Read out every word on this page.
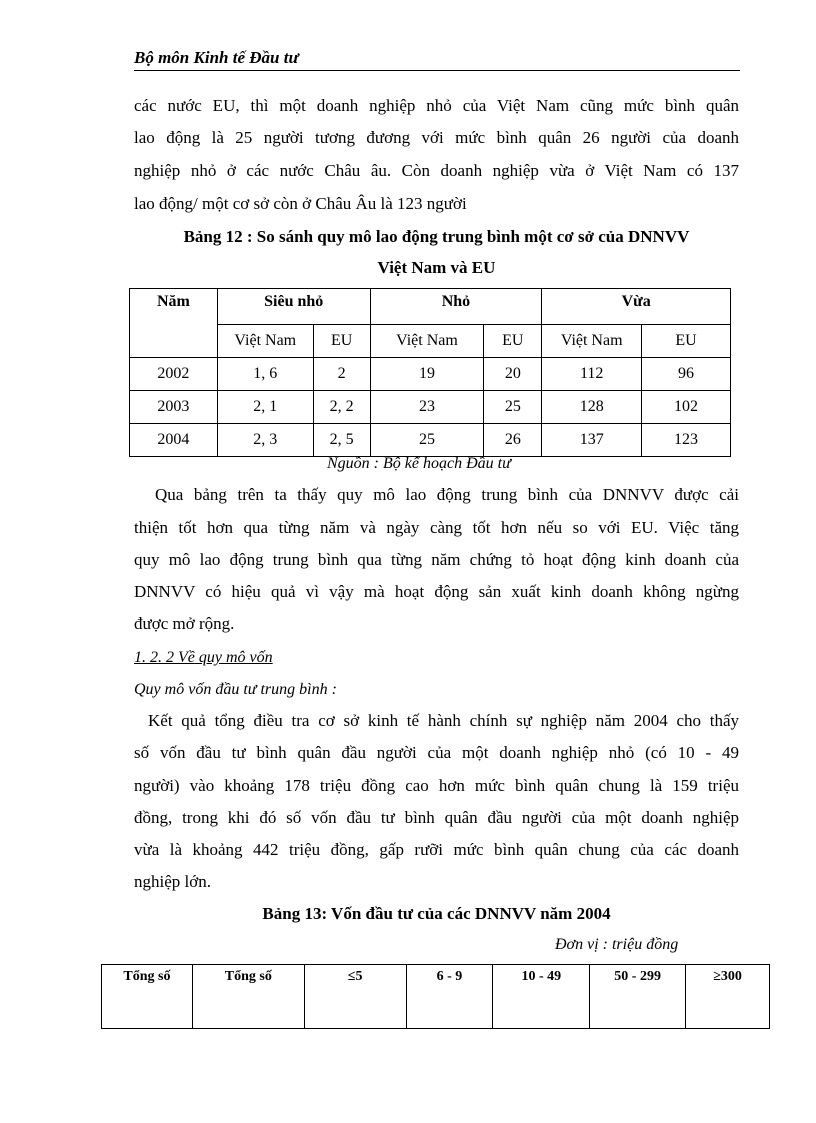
Bộ môn Kinh tế Đầu tư
các nước EU, thì một doanh nghiệp nhỏ của Việt Nam cũng mức bình quân
lao động là 25 người tương đương với mức bình quân 26 người của doanh
nghiệp nhỏ ở các nước Châu âu. Còn doanh nghiệp vừa ở Việt Nam có 137
lao động/ một cơ sở còn ở Châu Âu là 123 người
Bảng 12 : So sánh quy mô lao động trung bình một cơ sở của DNNVV
Việt Nam và EU
Năm	Siêu nhỏ		Nhỏ		Vừa	
	Việt Nam	EU	Việt Nam	EU	Việt Nam	EU
2002	1, 6	2	19	20	112	96
2003	2, 1	2, 2	23	25	128	102
2004	2, 3	2, 5	25	26	137	123
Nguồn : Bộ kế hoạch Đầu tư
Qua bảng trên ta thấy quy mô lao động trung bình của DNNVV được cải
thiện tốt hơn qua từng năm và ngày càng tốt hơn nếu so với EU. Việc tăng
quy mô lao động trung bình qua từng năm chứng tỏ hoạt động kinh doanh của
DNNVV có hiệu quả vì vậy mà hoạt động sản xuất kinh doanh không ngừng
được mở rộng.
1. 2. 2 Về quy mô vốn
Quy mô vốn đầu tư trung bình :
Kết quả tổng điều tra cơ sở kinh tế hành chính sự nghiệp năm 2004 cho thấy
số vốn đầu tư bình quân đầu người của một doanh nghiệp nhỏ (có 10 - 49
người) vào khoảng 178 triệu đồng cao hơn mức bình quân chung là 159 triệu
đồng, trong khi đó số vốn đầu tư bình quân đầu người của một doanh nghiệp
vừa là khoảng 442 triệu đồng, gấp rưỡi mức bình quân chung của các doanh
nghiệp lớn.
Bảng 13: Vốn đầu tư của các DNNVV năm 2004
Đơn vị : triệu đồng
Tổng số	Tổng số	≤5	6 - 9	10 - 49	50 - 299	≥300
